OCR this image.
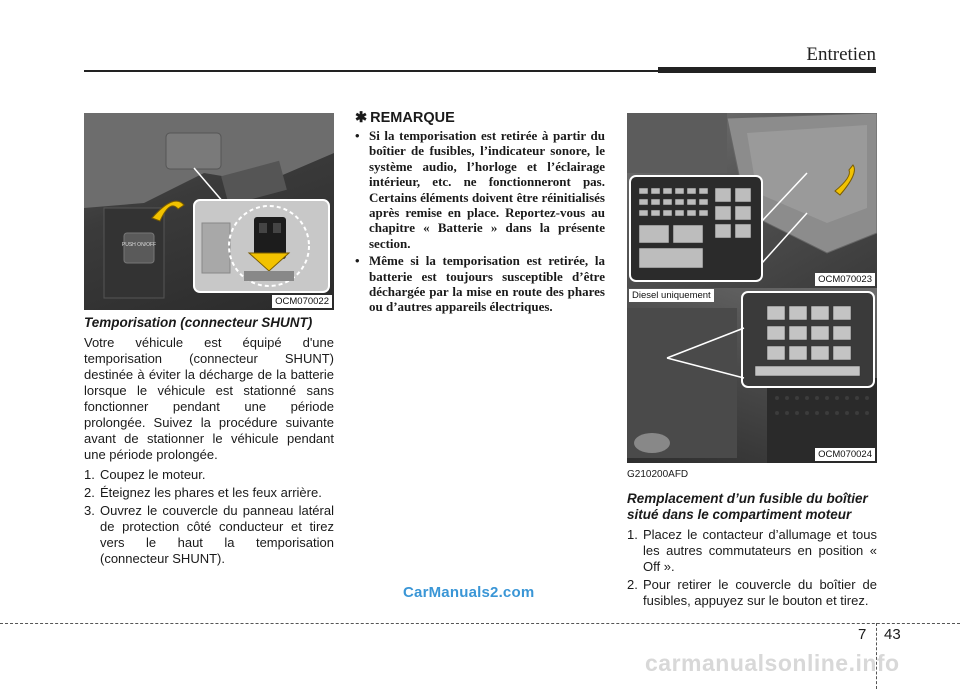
Entretien
PUSH ON/OFF
OCM070022
Temporisation (connecteur SHUNT)

Votre véhicule est équipé d'une temporisation (connecteur SHUNT) destinée à éviter la décharge de la batterie lorsque le véhicule est stationné sans fonctionner pendant une période prolongée. Suivez la procédure suivante avant de stationner le véhicule pendant une période prolongée.

1. Coupez le moteur.
2. Éteignez les phares et les feux arrière.
3. Ouvrez le couvercle du panneau latéral de protection côté conducteur et tirez vers le haut la temporisation (connecteur SHUNT).
✱ REMARQUE
• Si la temporisation est retirée à partir du boîtier de fusibles, l’indicateur sonore, le système audio, l’horloge et l’éclairage intérieur, etc. ne fonctionneront pas. Certains éléments doivent être réinitialisés après remise en place. Reportez-vous au chapitre « Batterie » dans la présente section.
• Même si la temporisation est retirée, la batterie est toujours susceptible d’être déchargée par la mise en route des phares ou d’autres appareils électriques.
OCM070023
Diesel uniquement
OCM070024
G210200AFD
Remplacement d’un fusible du boîtier situé dans le compartiment moteur
1. Placez le contacteur d’allumage et tous les autres commutateurs en position « Off ».
2. Pour retirer le couvercle du boîtier de fusibles, appuyez sur le bouton et tirez.
CarManuals2.com
7 43
carmanualsonline.info
